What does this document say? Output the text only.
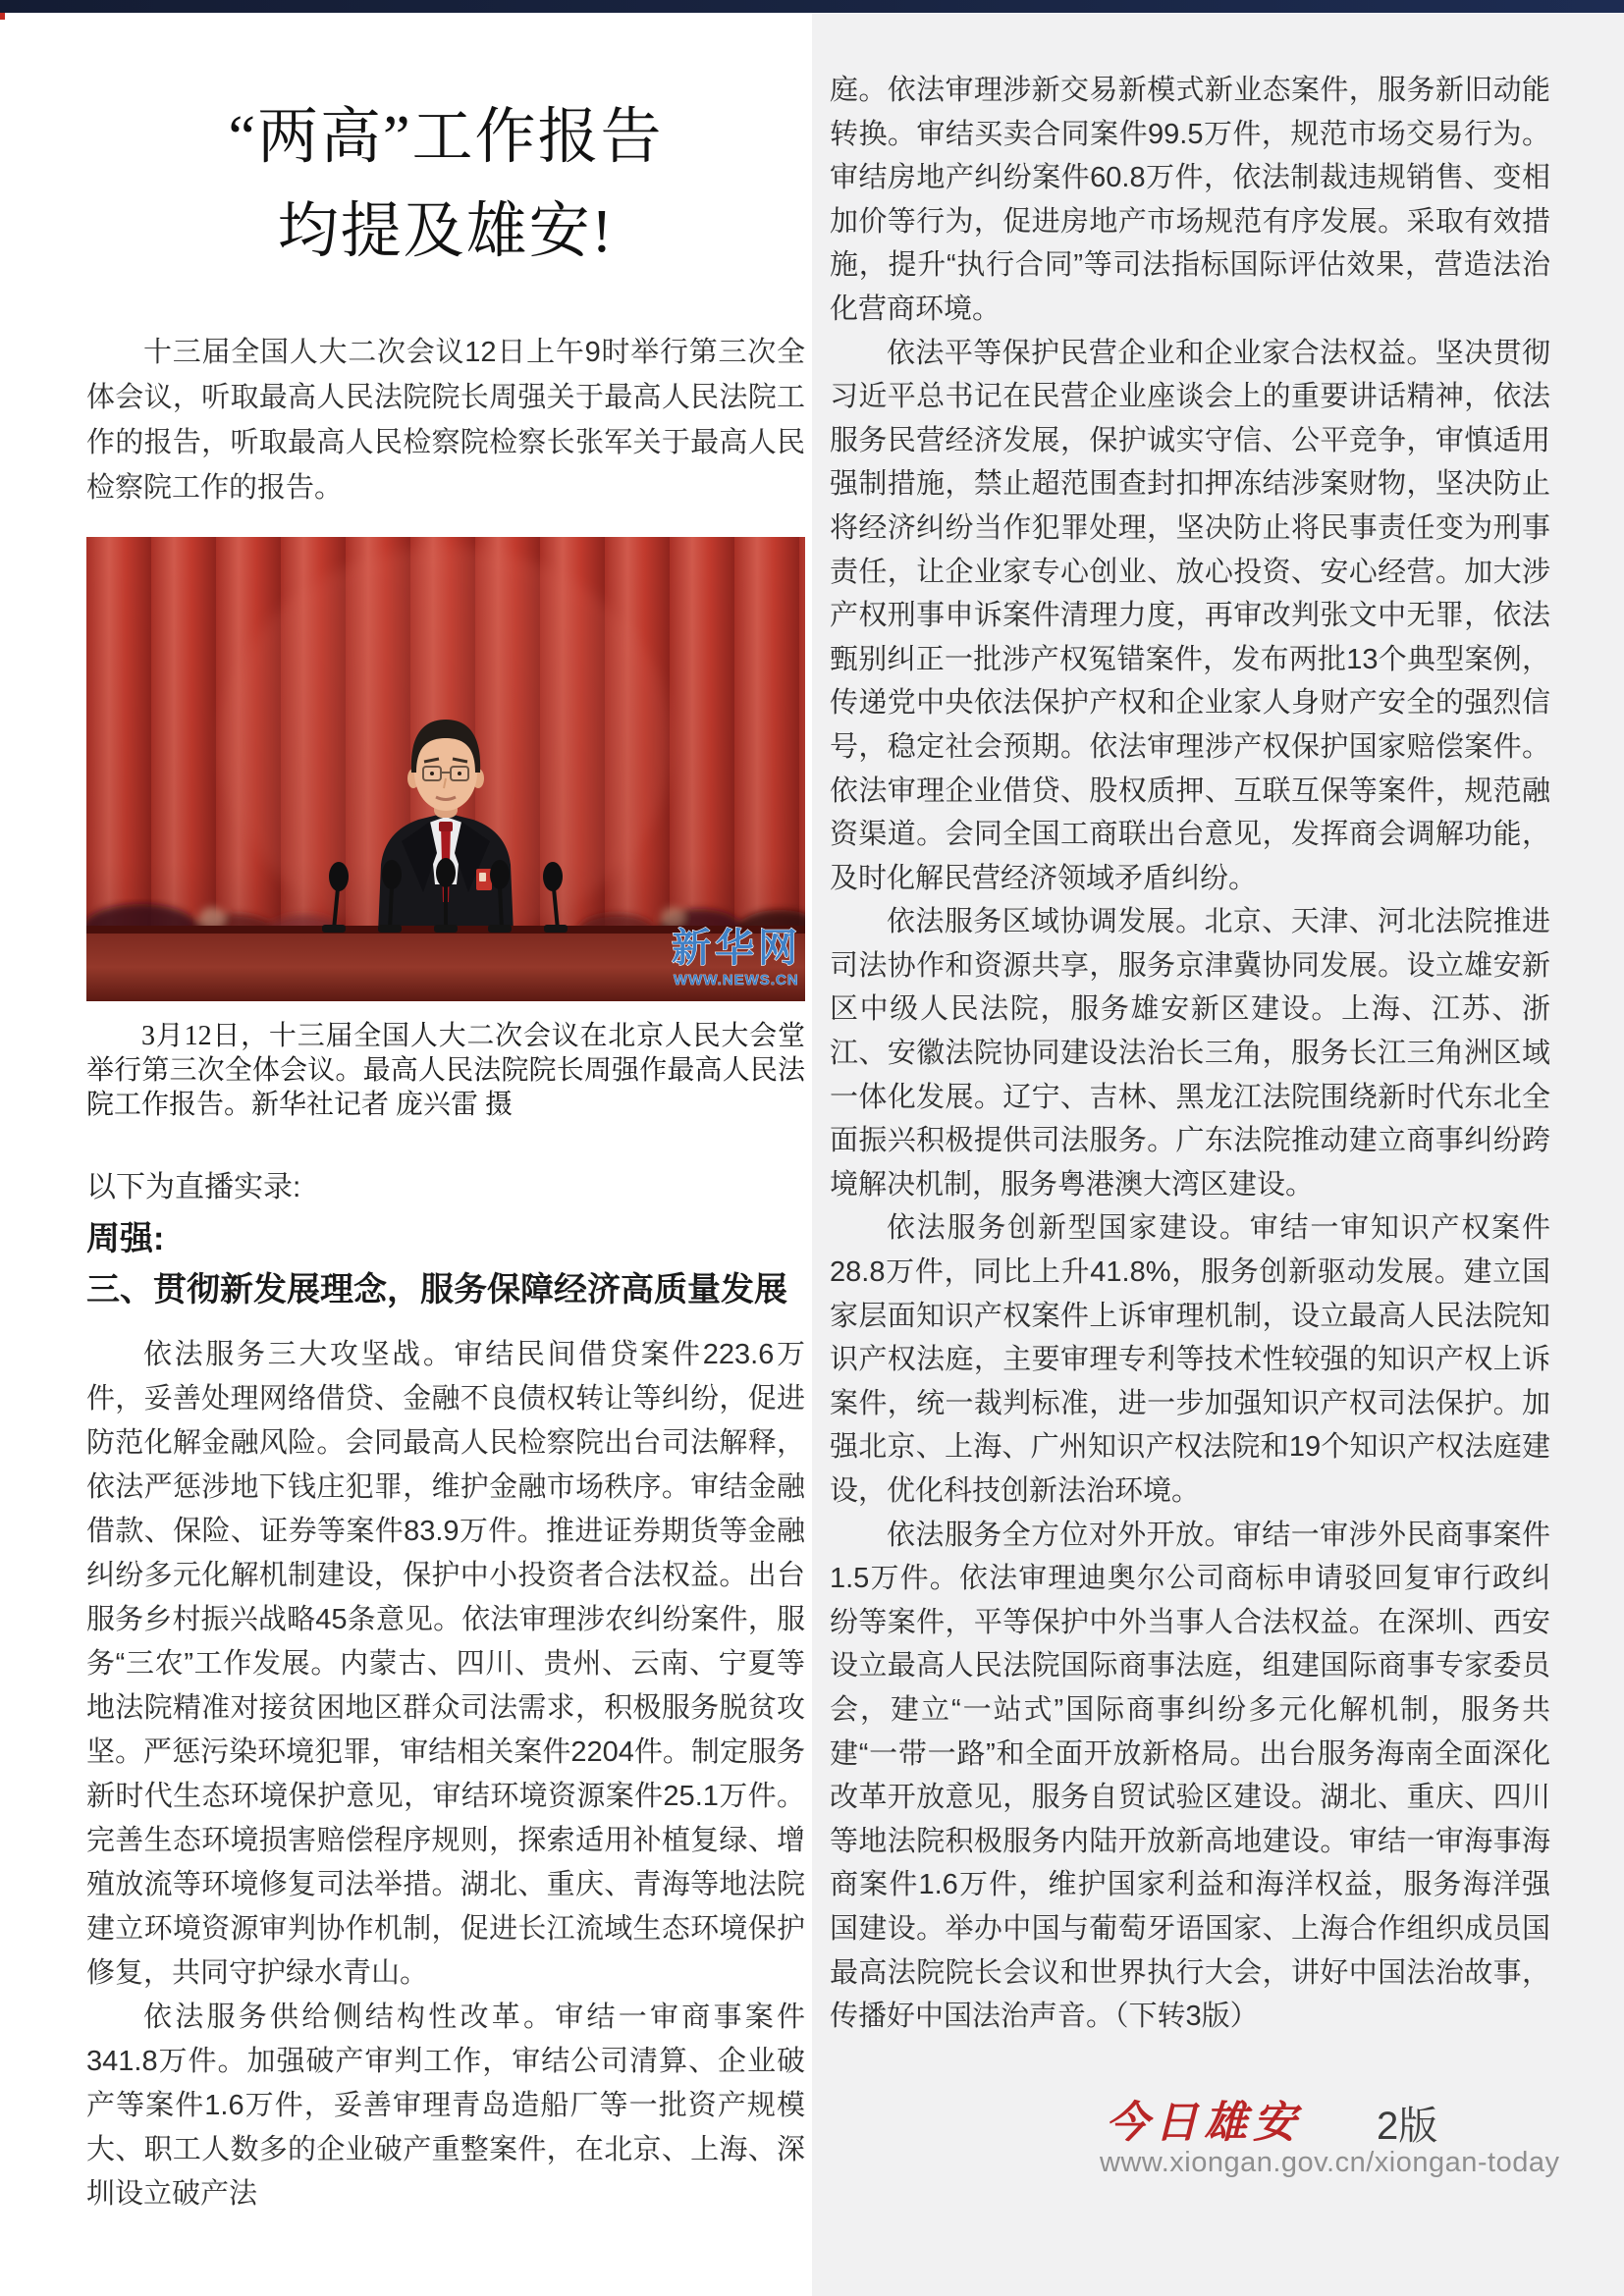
“两高”工作报告
均提及雄安!

十三届全国人大二次会议12日上午9时举行第三次全体会议，听取最高人民法院院长周强关于最高人民法院工作的报告，听取最高人民检察院检察长张军关于最高人民检察院工作的报告。

新华网
WWW.NEWS.CN

3月12日，十三届全国人大二次会议在北京人民大会堂举行第三次全体会议。最高人民法院院长周强作最高人民法院工作报告。新华社记者 庞兴雷 摄

以下为直播实录:

周强:

三、贯彻新发展理念，服务保障经济高质量发展

依法服务三大攻坚战。审结民间借贷案件223.6万件，妥善处理网络借贷、金融不良债权转让等纠纷，促进防范化解金融风险。会同最高人民检察院出台司法解释，依法严惩涉地下钱庄犯罪，维护金融市场秩序。审结金融借款、保险、证券等案件83.9万件。推进证券期货等金融纠纷多元化解机制建设，保护中小投资者合法权益。出台服务乡村振兴战略45条意见。依法审理涉农纠纷案件，服务“三农”工作发展。内蒙古、四川、贵州、云南、宁夏等地法院精准对接贫困地区群众司法需求，积极服务脱贫攻坚。严惩污染环境犯罪，审结相关案件2204件。制定服务新时代生态环境保护意见，审结环境资源案件25.1万件。完善生态环境损害赔偿程序规则，探索适用补植复绿、增殖放流等环境修复司法举措。湖北、重庆、青海等地法院建立环境资源审判协作机制，促进长江流域生态环境保护修复，共同守护绿水青山。

依法服务供给侧结构性改革。审结一审商事案件341.8万件。加强破产审判工作，审结公司清算、企业破产等案件1.6万件，妥善审理青岛造船厂等一批资产规模大、职工人数多的企业破产重整案件，在北京、上海、深圳设立破产法

庭。依法审理涉新交易新模式新业态案件，服务新旧动能转换。审结买卖合同案件99.5万件，规范市场交易行为。审结房地产纠纷案件60.8万件，依法制裁违规销售、变相加价等行为，促进房地产市场规范有序发展。采取有效措施，提升“执行合同”等司法指标国际评估效果，营造法治化营商环境。

依法平等保护民营企业和企业家合法权益。坚决贯彻习近平总书记在民营企业座谈会上的重要讲话精神，依法服务民营经济发展，保护诚实守信、公平竞争，审慎适用强制措施，禁止超范围查封扣押冻结涉案财物，坚决防止将经济纠纷当作犯罪处理，坚决防止将民事责任变为刑事责任，让企业家专心创业、放心投资、安心经营。加大涉产权刑事申诉案件清理力度，再审改判张文中无罪，依法甄别纠正一批涉产权冤错案件，发布两批13个典型案例，传递党中央依法保护产权和企业家人身财产安全的强烈信号，稳定社会预期。依法审理涉产权保护国家赔偿案件。依法审理企业借贷、股权质押、互联互保等案件，规范融资渠道。会同全国工商联出台意见，发挥商会调解功能，及时化解民营经济领域矛盾纠纷。

依法服务区域协调发展。北京、天津、河北法院推进司法协作和资源共享，服务京津冀协同发展。设立雄安新区中级人民法院，服务雄安新区建设。上海、江苏、浙江、安徽法院协同建设法治长三角，服务长江三角洲区域一体化发展。辽宁、吉林、黑龙江法院围绕新时代东北全面振兴积极提供司法服务。广东法院推动建立商事纠纷跨境解决机制，服务粤港澳大湾区建设。

依法服务创新型国家建设。审结一审知识产权案件28.8万件，同比上升41.8%，服务创新驱动发展。建立国家层面知识产权案件上诉审理机制，设立最高人民法院知识产权法庭，主要审理专利等技术性较强的知识产权上诉案件，统一裁判标准，进一步加强知识产权司法保护。加强北京、上海、广州知识产权法院和19个知识产权法庭建设，优化科技创新法治环境。

依法服务全方位对外开放。审结一审涉外民商事案件1.5万件。依法审理迪奥尔公司商标申请驳回复审行政纠纷等案件，平等保护中外当事人合法权益。在深圳、西安设立最高人民法院国际商事法庭，组建国际商事专家委员会，建立“一站式”国际商事纠纷多元化解机制，服务共建“一带一路”和全面开放新格局。出台服务海南全面深化改革开放意见，服务自贸试验区建设。湖北、重庆、四川等地法院积极服务内陆开放新高地建设。审结一审海事海商案件1.6万件，维护国家利益和海洋权益，服务海洋强国建设。举办中国与葡萄牙语国家、上海合作组织成员国最高法院院长会议和世界执行大会，讲好中国法治故事，传播好中国法治声音。（下转3版）

今日雄安 2版

www.xiongan.gov.cn/xiongan-today
